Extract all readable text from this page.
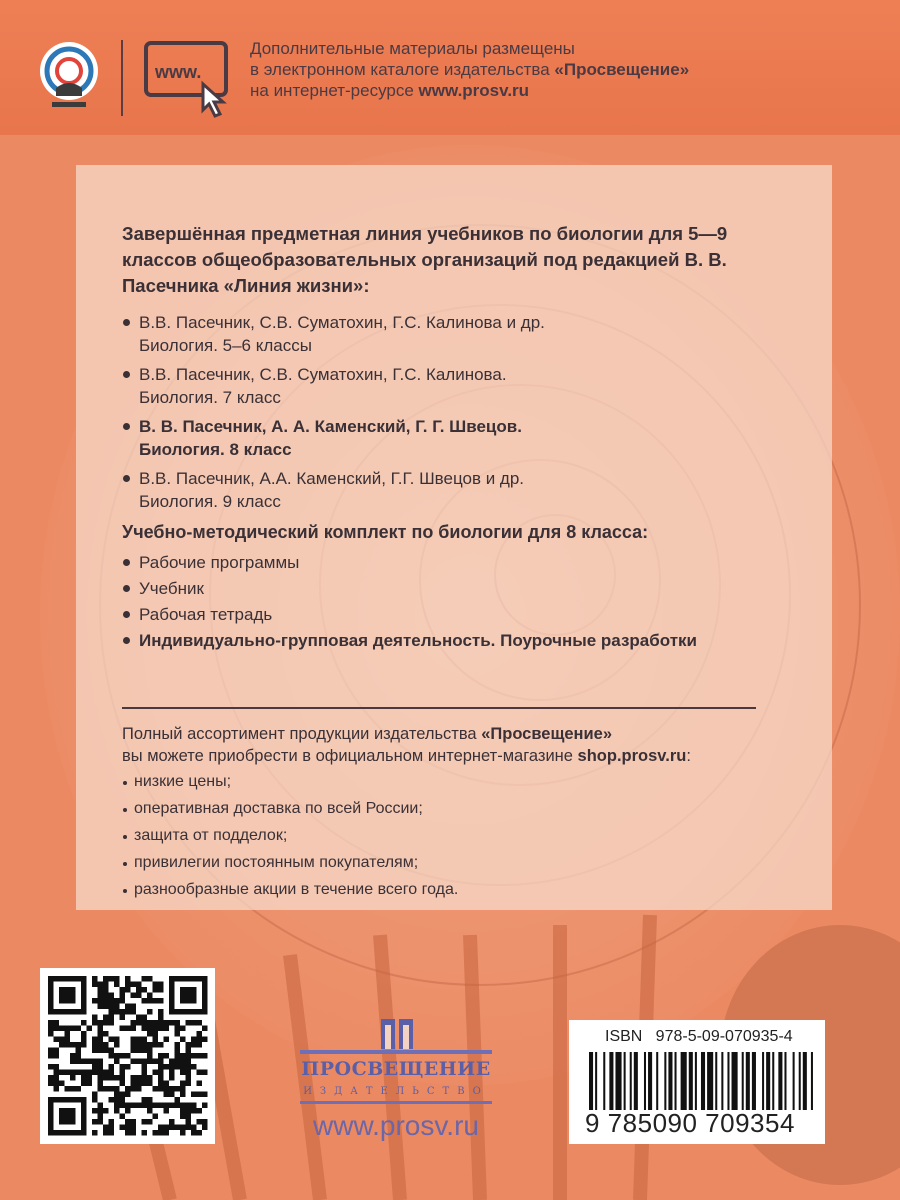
www.
Дополнительные материалы размещены
в электронном каталоге издательства «Просвещение»
на интернет-ресурсе www.prosv.ru

Завершённая предметная линия учебников по биологии для 5—9 классов общеобразовательных организаций под редакцией В. В. Пасечника «Линия жизни»:

В.В. Пасечник, С.В. Суматохин, Г.С. Калинова и др.
Биология. 5–6 классы
В.В. Пасечник, С.В. Суматохин, Г.С. Калинова.
Биология. 7 класс
В. В. Пасечник, А. А. Каменский, Г. Г. Швецов.
Биология. 8 класс
В.В. Пасечник, А.А. Каменский, Г.Г. Швецов и др.
Биология. 9 класс

Учебно-методический комплект по биологии для 8 класса:

Рабочие программы
Учебник
Рабочая тетрадь
Индивидуально-групповая деятельность. Поурочные разработки
Полный ассортимент продукции издательства «Просвещение»
вы можете приобрести в официальном интернет-магазине shop.prosv.ru:
низкие цены;
оперативная доставка по всей России;
защита от подделок;
привилегии постоянным покупателям;
разнообразные акции в течение всего года.
ПРОСВЕЩЕНИЕ
ИЗДАТЕЛЬСТВО
www.prosv.ru
ISBN   978-5-09-070935-4
9 785090 709354
